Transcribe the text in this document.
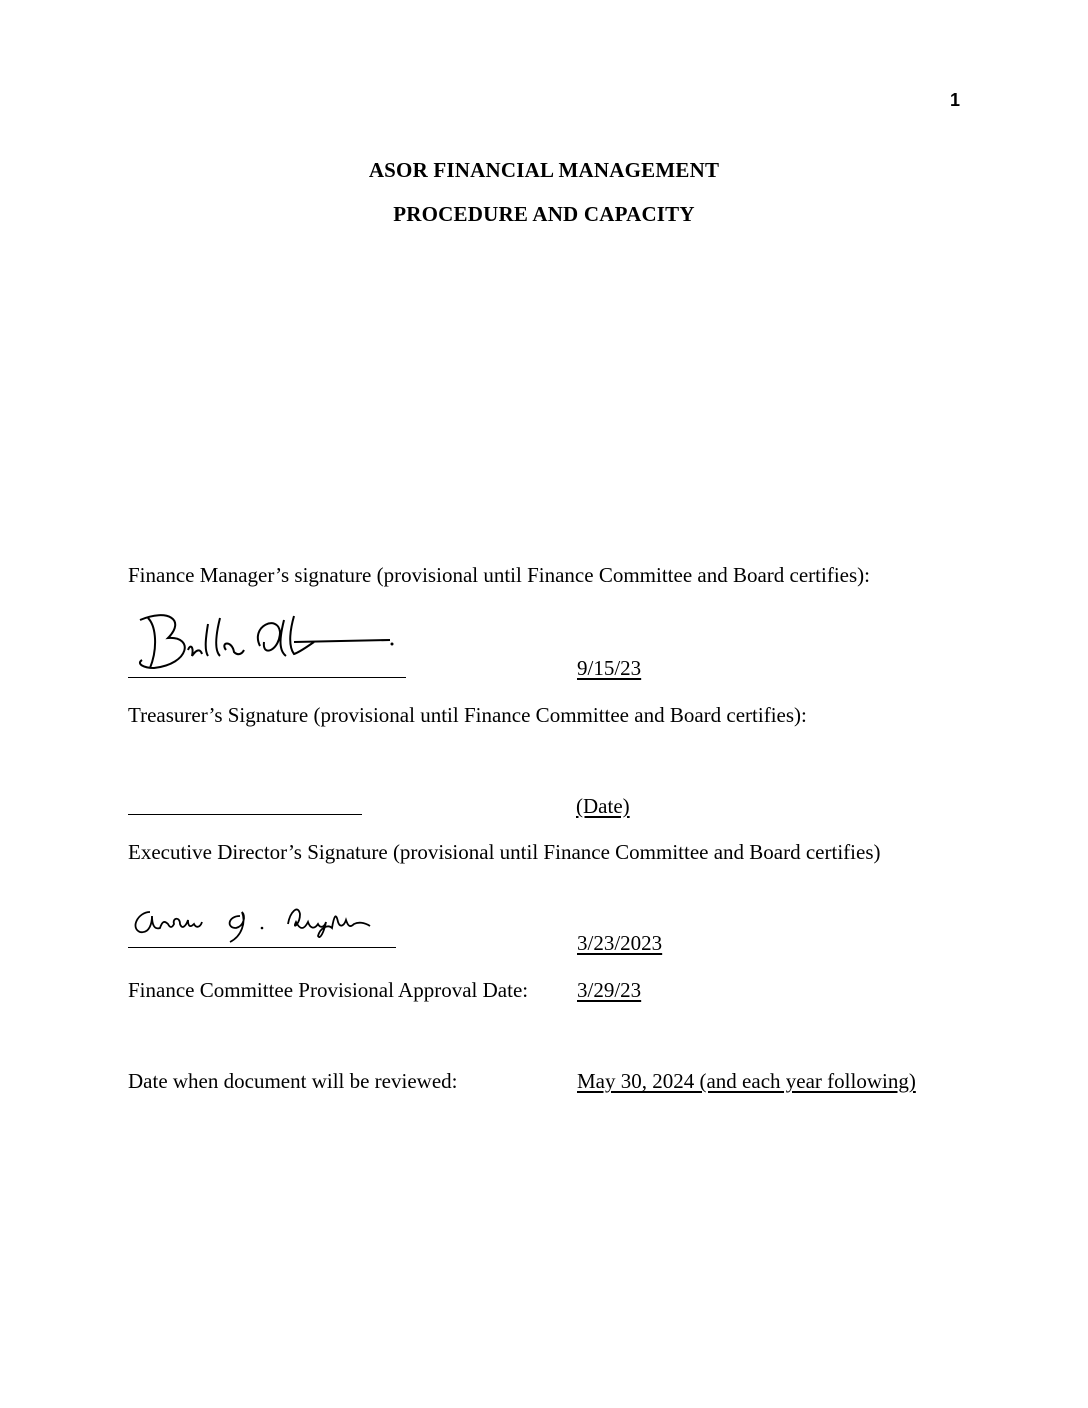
1
ASOR FINANCIAL MANAGEMENT
PROCEDURE AND CAPACITY
Finance Manager’s signature (provisional until Finance Committee and Board certifies):
9/15/23
Treasurer’s Signature (provisional until Finance Committee and Board certifies):
(Date)
Executive Director’s Signature (provisional until Finance Committee and Board certifies)
3/23/2023
Finance Committee Provisional Approval Date: 3/29/23
Date when document will be reviewed:	May 30, 2024 (and each year following)
